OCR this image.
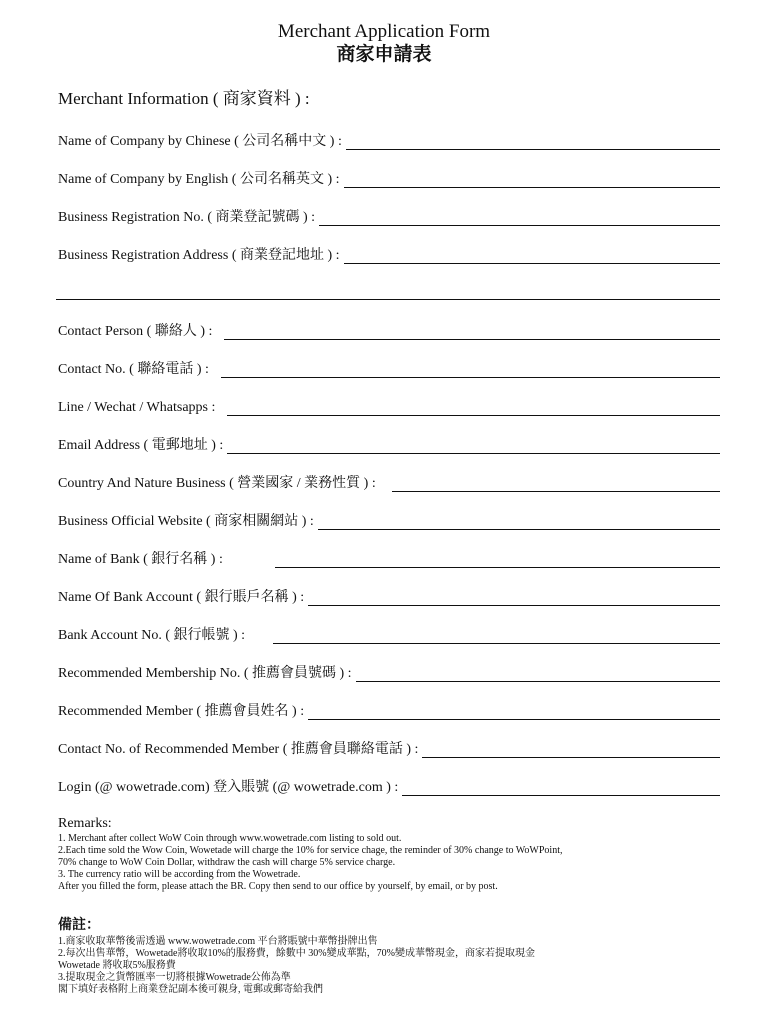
Merchant Application Form
商家申請表
Merchant Information ( 商家資料 ) :
Name of Company by Chinese ( 公司名稱中文 ) :
Name of Company by English ( 公司名稱英文 ) :
Business Registration No. ( 商業登記號碼 ) :
Business Registration Address ( 商業登記地址 ) :
Contact Person ( 聯絡人 ) :
Contact No. ( 聯絡電話 ) :
Line / Wechat / Whatsapps :
Email Address ( 電郵地址 ) :
Country And Nature Business ( 營業國家 / 業務性質 ) :
Business Official Website ( 商家相關網站 ) :
Name of Bank ( 銀行名稱 ) :
Name Of Bank Account ( 銀行賬戶名稱 ) :
Bank Account No. ( 銀行帳號 ) :
Recommended Membership No. ( 推薦會員號碼 ) :
Recommended Member ( 推薦會員姓名 ) :
Contact No. of Recommended Member ( 推薦會員聯絡電話 ) :
Login (@ wowetrade.com) 登入賬號 (@ wowetrade.com ) :
Remarks:
1. Merchant after collect WoW Coin through www.wowetrade.com listing to sold out.
2.Each time sold the Wow Coin, Wowetade will charge the 10% for service chage, the reminder of 30% change to WoWPoint,
70% change to WoW Coin Dollar, withdraw the cash will charge 5% service charge.
3. The currency ratio will be according from the Wowetrade.
After you filled the form, please attach the BR. Copy then send to our office by yourself, by email, or by post.
備註：
1.商家收取華幣後需透過 www.wowetrade.com 平台將賬號中華幣掛牌出售
2.每次出售華幣，Wowetade將收取10%的服務費，餘數中 30%變成華點，70%變成華幣現金，商家若提取現金
Wowetade 將收取5%服務費
3.提取現金之貨幣匯率一切將根據Wowetrade公佈為準
閣下填好表格附上商業登記副本後可親身, 電郵或郵寄給我們
